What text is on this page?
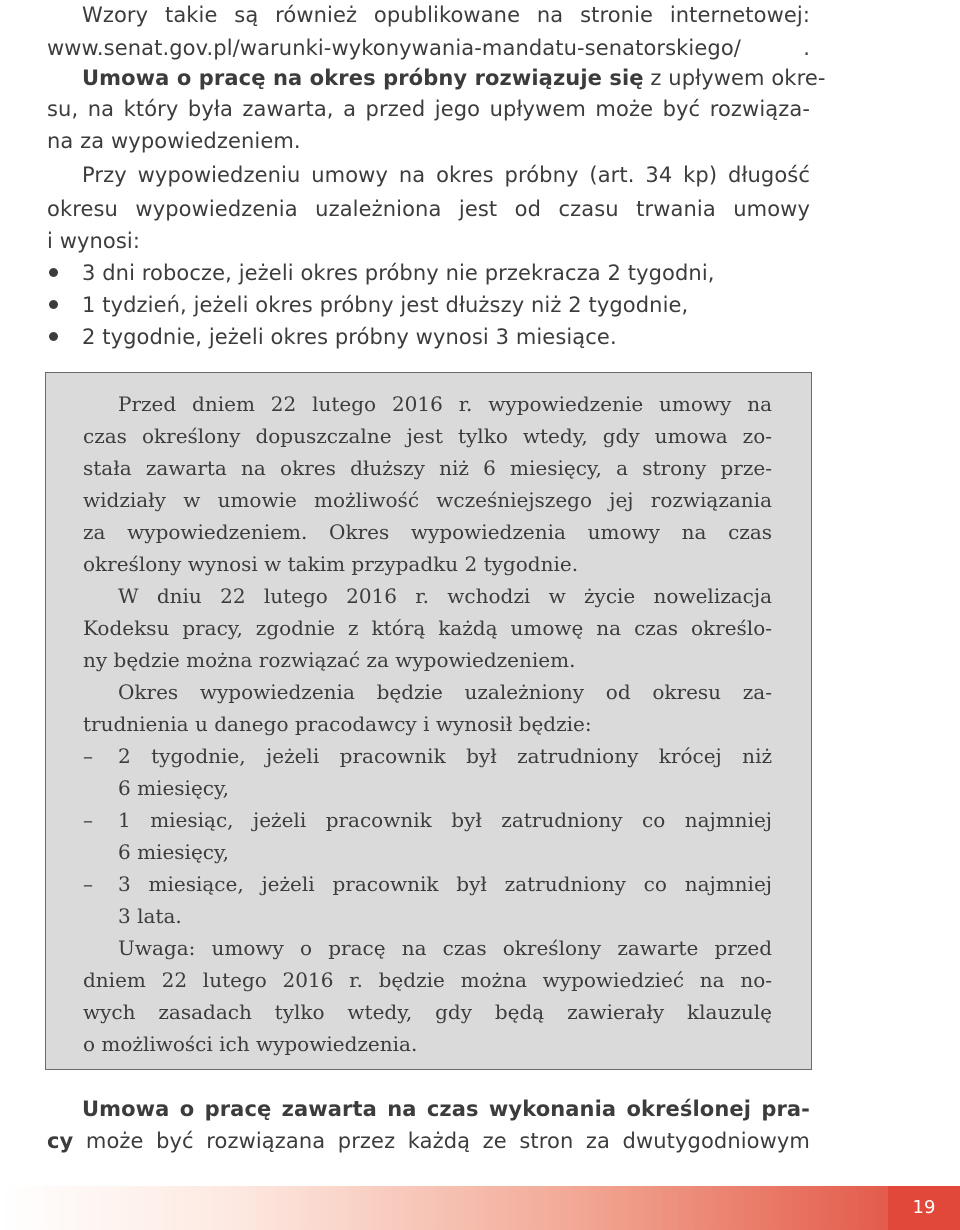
Wzory takie są również opublikowane na stronie internetowej:
www.senat.gov.pl/warunki-wykonywania-mandatu-senatorskiego/ .
Umowa o pracę na okres próbny rozwiązuje się z upływem okre-
su, na który była zawarta, a przed jego upływem może być rozwiąza-
na za wypowiedzeniem.
Przy wypowiedzeniu umowy na okres próbny (art. 34 kp) długość
okresu wypowiedzenia uzależniona jest od czasu trwania umowy
i wynosi:
3 dni robocze, jeżeli okres próbny nie przekracza 2 tygodni,
1 tydzień, jeżeli okres próbny jest dłuższy niż 2 tygodnie,
2 tygodnie, jeżeli okres próbny wynosi 3 miesiące.
Przed dniem 22 lutego 2016 r. wypowiedzenie umowy na
czas określony dopuszczalne jest tylko wtedy, gdy umowa zo-
stała zawarta na okres dłuższy niż 6 miesięcy, a strony prze-
widziały w umowie możliwość wcześniejszego jej rozwiązania
za wypowiedzeniem. Okres wypowiedzenia umowy na czas
określony wynosi w takim przypadku 2 tygodnie.
W dniu 22 lutego 2016 r. wchodzi w życie nowelizacja
Kodeksu pracy, zgodnie z którą każdą umowę na czas określo-
ny będzie można rozwiązać za wypowiedzeniem.
Okres wypowiedzenia będzie uzależniony od okresu za-
trudnienia u danego pracodawcy i wynosił będzie:
– 2 tygodnie, jeżeli pracownik był zatrudniony krócej niż
6 miesięcy,
– 1 miesiąc, jeżeli pracownik był zatrudniony co najmniej
6 miesięcy,
– 3 miesiące, jeżeli pracownik był zatrudniony co najmniej
3 lata.
Uwaga: umowy o pracę na czas określony zawarte przed
dniem 22 lutego 2016 r. będzie można wypowiedzieć na no-
wych zasadach tylko wtedy, gdy będą zawierały klauzulę
o możliwości ich wypowiedzenia.
Umowa o pracę zawarta na czas wykonania określonej pra-
cy może być rozwiązana przez każdą ze stron za dwutygodniowym
19
